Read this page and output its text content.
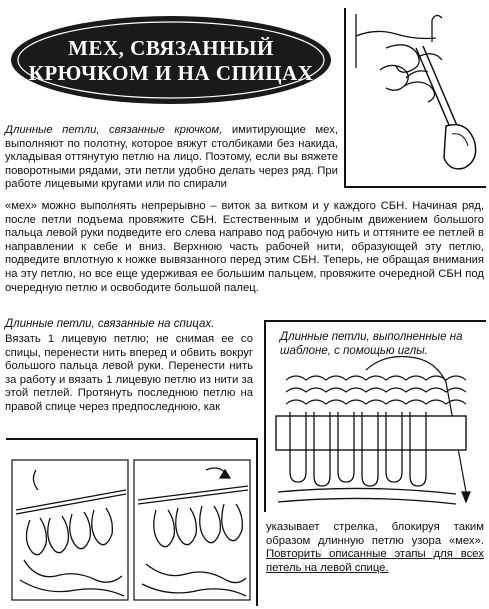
МЕХ, СВЯЗАННЫЙ
КРЮЧКОМ И НА СПИЦАХ

Длинные петли, связанные крючком, имитирующие мех, выполняют по полотну, которое вяжут столбиками без накида, укладывая оттянутую петлю на лицо. Поэтому, если вы вяжете поворотными рядами, эти петли удобно делать через ряд. При работе лицевыми кругами или по спирали

«мех» можно выполнять непрерывно – виток за витком и у каждого СБН. Начиная ряд, после петли подъема провяжите СБН. Естественным и удобным движением большого пальца левой руки подведите его слева направо под рабочую нить и оттяните ее петлей в направлении к себе и вниз. Верхнюю часть рабочей нити, образующей эту петлю, подведите вплотную к ножке вывязанного перед этим СБН. Теперь, не обращая внимания на эту петлю, но все еще удерживая ее большим пальцем, провяжите очередной СБН под очередную петлю и освободите большой палец.

Длинные петли, связанные на спицах.

Вязать 1 лицевую петлю; не снимая ее со спицы, перенести нить вперед и обвить вокруг большого пальца левой руки. Перенести нить за работу и вязать 1 лицевую петлю из нити за этой петлей. Протянуть последнюю петлю на правой спице через предпоследнюю, как

Длинные петли, выполненные на шаблоне, с помощью иглы.

указывает стрелка, блокируя таким образом длинную петлю узора «мех». Повторить описанные этапы для всех петель на левой спице.
